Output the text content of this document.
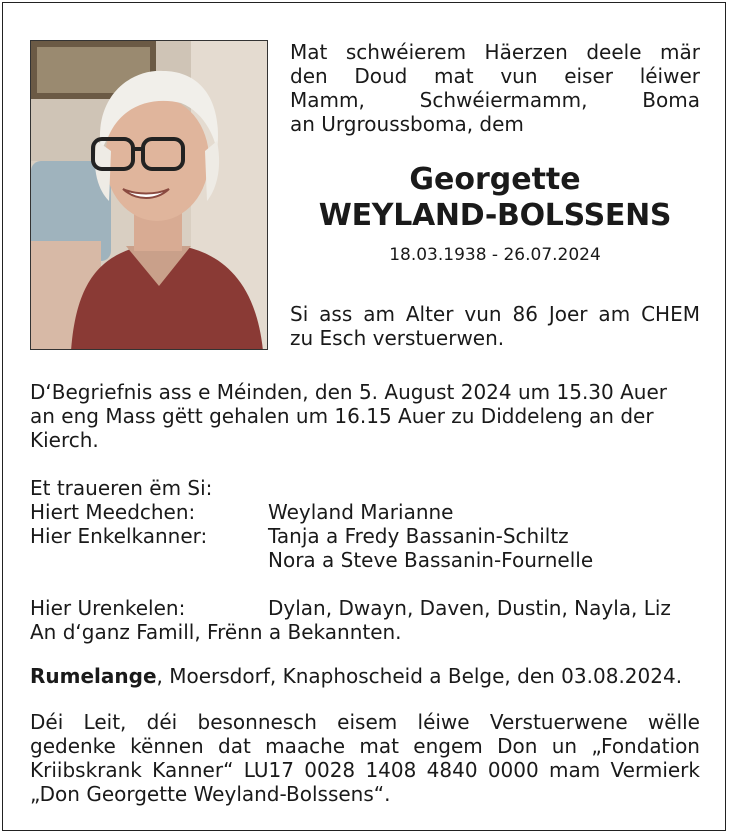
Mat schwéierem Häerzen deele mär
den Doud mat vun eiser léiwer
Mamm, Schwéiermamm, Boma
an Urgroussboma, dem

Georgette
WEYLAND-BOLSSENS
18.03.1938 - 26.07.2024

Si ass am Alter vun 86 Joer am CHEM
zu Esch verstuerwen.

D‘Begriefnis ass e Méinden, den 5. August 2024 um 15.30 Auer
an eng Mass gëtt gehalen um 16.15 Auer zu Diddeleng an der
Kierch.

Et traueren ëm Si:
Hiert Meedchen:	Weyland Marianne
Hier Enkelkanner:	Tanja a Fredy Bassanin-Schiltz
Nora a Steve Bassanin-Fournelle
Hier Urenkelen:	Dylan, Dwayn, Daven, Dustin, Nayla, Liz
An d‘ganz Famill, Frënn a Bekannten.

Rumelange, Moersdorf, Knaphoscheid a Belge, den 03.08.2024.

Déi Leit, déi besonnesch eisem léiwe Verstuerwene wëlle
gedenke kënnen dat maache mat engem Don un „Fondation
Kriibskrank Kanner“ LU17 0028 1408 4840 0000 mam Vermierk
„Don Georgette Weyland-Bolssens“.
